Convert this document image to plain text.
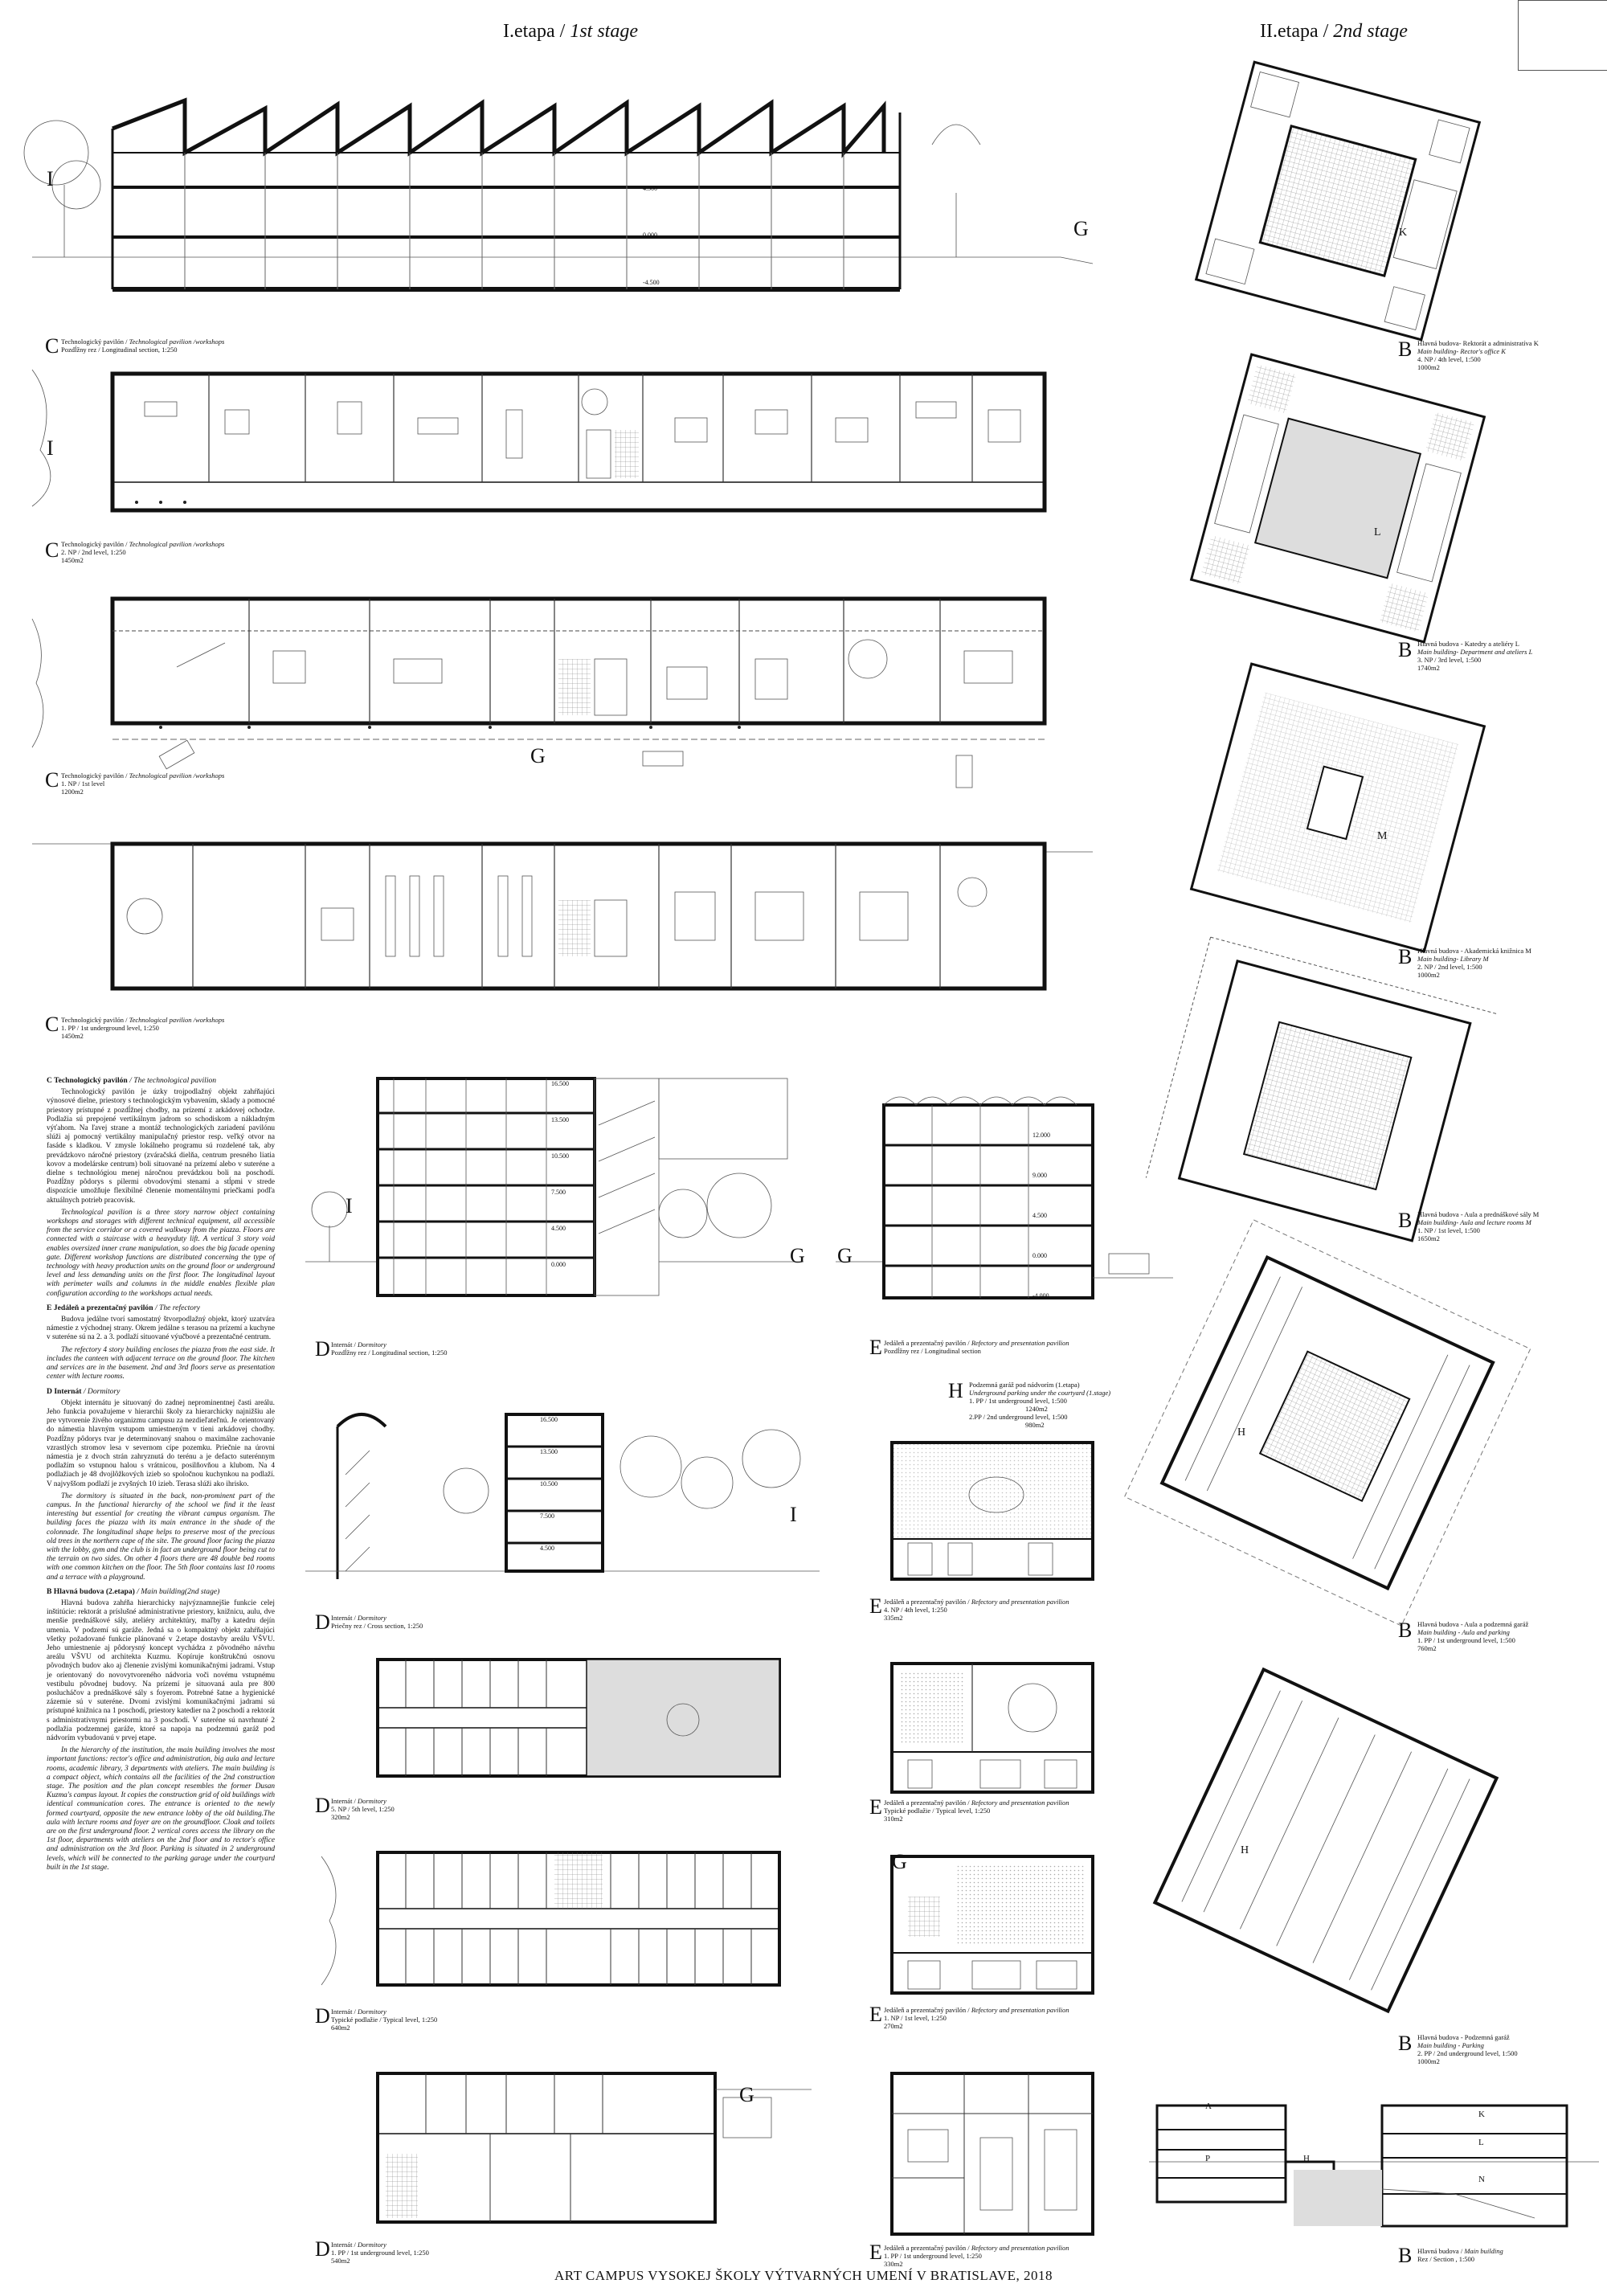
I.etapa / 1st stage	II.etapa / 2nd stage
4.500
0.000
-4.500
I
G
C Technologický pavilón / Technological pavilion /workshops
Pozdĺžny rez / Longitudinal section, 1:250
I
C Technologický pavilón / Technological pavilion /workshops
2. NP / 2nd level, 1:250
1450m2
G
C Technologický pavilón / Technological pavilion /workshops
1. NP / 1st level
1200m2
C Technologický pavilón / Technological pavilion /workshops
1. PP / 1st underground level, 1:250
1450m2
C Technologický pavilón / The technological pavilion

Technologický pavilón je úzky trojpodlažný objekt zahŕňajúci výnosové dielne, priestory s technologickým vybavením, sklady a pomocné priestory prístupné z pozdĺžnej chodby, na prízemí z arkádovej ochodze. Podlažia sú prepojené vertikálnym jadrom so schodiskom a nákladným výťahom. Na ľavej strane a montáž technologických zariadení pavilónu slúži aj pomocný vertikálny manipulačný priestor resp. veľký otvor na fasáde s kladkou. V zmysle lokálneho programu sú rozdelené tak, aby prevádzkovo náročné priestory (zváračská dielňa, centrum presného liatia kovov a modelárske centrum) boli situované na prízemí alebo v suteréne a dielne s technológiou menej náročnou prevádzkou boli na poschodí. Pozdĺžny pôdorys s pilermi obvodovými stenami a stĺpmi v strede dispozície umožňuje flexibilné členenie momentálnymi priečkami podľa aktuálnych potrieb pracovísk.

Technological pavilion is a three story narrow object containing workshops and storages with different technical equipment, all accessible from the service corridor or a covered walkway from the piazza. Floors are connected with a staircase with a heavyduty lift. A vertical 3 story void enables oversized inner crane manipulation, so does the big facade opening gate. Different workshop functions are distributed concerning the type of technology with heavy production units on the ground floor or underground level and less demanding units on the first floor. The longitudinal layout with perimeter walls and columns in the middle enables flexible plan configuration according to the workshops actual needs.

E Jedáleň a prezentačný pavilón / The refectory

Budova jedálne tvorí samostatný štvorpodlažný objekt, ktorý uzatvára námestie z východnej strany. Okrem jedálne s terasou na prízemí a kuchyne v suteréne sú na 2. a 3. podlaží situované výučbové a prezentačné centrum.

The refectory 4 story building encloses the piazza from the east side. It includes the canteen with adjacent terrace on the ground floor. The kitchen and services are in the basement. 2nd and 3rd floors serve as presentation center with lecture rooms.

D Internát / Dormitory

Objekt internátu je situovaný do zadnej neprominentnej časti areálu. Jeho funkcia považujeme v hierarchii školy za hierarchicky najnižšiu ale pre vytvorenie živého organizmu campusu za nezdieľateľnú. Je orientovaný do námestia hlavným vstupom umiestneným v tieni arkádovej chodby. Pozdĺžny pôdorys tvar je determinovaný snahou o maximálne zachovanie vzrastlých stromov lesa v severnom cípe pozemku. Priečnie na úrovni námestia je z dvoch strán zahryznutá do terénu a je defacto suterénnym podlažím so vstupnou halou s vrátnicou, posilňovňou a klubom. Na 4 podlažiach je 48 dvojlôžkových izieb so spoločnou kuchynkou na podlaží. V najvyššom podlaží je zvyšných 10 izieb. Terasa slúži ako ihrisko.

The dormitory is situated in the back, non-prominent part of the campus. In the functional hierarchy of the school we find it the least interesting but essential for creating the vibrant campus organism. The building faces the piazza with its main entrance in the shade of the colonnade. The longitudinal shape helps to preserve most of the precious old trees in the northern cape of the site. The ground floor facing the piazza with the lobby, gym and the club is in fact an underground floor being cut to the terrain on two sides. On other 4 floors there are 48 double bed rooms with one common kitchen on the floor. The 5th floor contains last 10 rooms and a terrace with a playground.

B Hlavná budova (2.etapa) / Main building(2nd stage)

Hlavná budova zahŕňa hierarchicky najvýznamnejšie funkcie celej inštitúcie: rektorát a príslušné administratívne priestory, knižnicu, aulu, dve menšie prednáškové sály, ateliéry architektúry, maľby a katedru dejín umenia. V podzemí sú garáže. Jedná sa o kompaktný objekt zahŕňajúci všetky požadované funkcie plánované v 2.etape dostavby areálu VŠVU. Jeho umiestnenie aj pôdorysný koncept vychádza z pôvodného návrhu areálu VŠVU od architekta Kuzmu. Kopíruje konštrukčnú osnovu pôvodných budov ako aj členenie zvislými komunikačnými jadrami. Vstup je orientovaný do novovytvoreného nádvoria voči novému vstupnému vestibulu pôvodnej budovy. Na prízemí je situovaná aula pre 800 poslucháčov a prednáškové sály s foyerom. Potrebné šatne a hygienické zázemie sú v suteréne. Dvomi zvislými komunikačnými jadrami sú prístupné knižnica na 1 poschodí, priestory katedier na 2 poschodí a rektorát s administratívnymi priestormi na 3 poschodí. V suteréne sú navrhnuté 2 podlažia podzemnej garáže, ktoré sa napoja na podzemnú garáž pod nádvorím vybudovanú v prvej etape.

In the hierarchy of the institution, the main building involves the most important functions: rector's office and administration, big aula and lecture rooms, academic library, 3 departments with ateliers. The main building is a compact object, which contains all the facilities of the 2nd construction stage. The position and the plan concept resembles the former Dusan Kuzma's campus layout. It copies the construction grid of old buildings with identical communication cores. The entrance is oriented to the newly formed courtyard, opposite the new entrance lobby of the old building.The aula with lecture rooms and foyer are on the groundfloor. Cloak and toilets are on the first underground floor. 2 vertical cores access the library on the 1st floor, departments with ateliers on the 2nd floor and to rector's office and administration on the 3rd floor. Parking is situated in 2 underground levels, which will be connected to the parking garage under the courtyard built in the 1st stage.

16.500
13.500
10.500
7.500
4.500
0.000
I
G
D Internát / Dormitory
Pozdĺžny rez / Longitudinal section, 1:250
12.000
9.000
4.500
0.000
-4.000
G
E Jedáleň a prezentačný pavilón / Refectory and presentation pavilion
Pozdĺžny rez / Longitudinal section
H Podzemná garáž pod nádvorím (1.etapa)
Underground parking under the courtyard (1.stage)
1. PP / 1st underground level, 1:500
1240m2
2.PP / 2nd underground level, 1:500
980m2
16.500
13.500
10.500
7.500
4.500
I
D Internát / Dormitory
Priečny rez / Cross section, 1:250
E Jedáleň a prezentačný pavilón / Refectory and presentation pavilion
4. NP / 4th level, 1:250
335m2
D Internát / Dormitory
5. NP / 5th level, 1:250
320m2	E Jedáleň a prezentačný pavilón / Refectory and presentation pavilion
Typické podlažie / Typical level, 1:250
310m2
D Internát / Dormitory
Typické podlažie / Typical level, 1:250
640m2
G
E Jedáleň a prezentačný pavilón / Refectory and presentation pavilion
1. NP / 1st level, 1:250
270m2
G
D Internát / Dormitory
1. PP / 1st underground level, 1:250
540m2	E Jedáleň a prezentačný pavilón / Refectory and presentation pavilion
1. PP / 1st underground level, 1:250
330m2
K
B Hlavná budova- Rektorát a administratíva K
Main building- Rector's office K
4. NP / 4th level, 1:500
1000m2
L
B Hlavná budova - Katedry a ateliéry L
Main building- Department and ateliers L
3. NP / 3rd level, 1:500
1740m2
M
B Hlavná budova - Akademická knižnica M
Main building- Library M
2. NP / 2nd level, 1:500
1000m2
B Hlavná budova - Aula a prednáškové sály M
Main building- Aula and lecture rooms M
1. NP / 1st level, 1:500
1650m2
H
B Hlavná budova - Aula a podzemná garáž
Main building - Aula and parking
1. PP / 1st underground level, 1:500
760m2
H
B Hlavná budova - Podzemná garáž
Main building - Parking
2. PP / 2nd underground level, 1:500
1000m2
A
P	H
K
L
N
B Hlavná budova / Main building
Rez / Section , 1:500
ART CAMPUS VYSOKEJ ŠKOLY VÝTVARNÝCH UMENÍ V BRATISLAVE, 2018
